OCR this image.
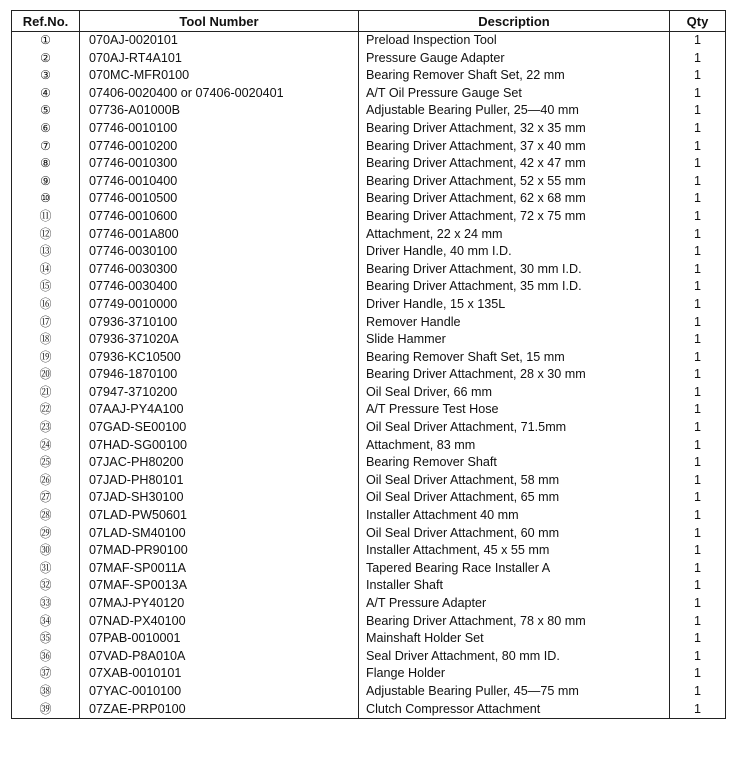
Ref.No.	Tool Number	Description	Qty
①	070AJ-0020101	Preload Inspection Tool	1
②	070AJ-RT4A101	Pressure Gauge Adapter	1
③	070MC-MFR0100	Bearing Remover Shaft Set, 22 mm	1
④	07406-0020400 or 07406-0020401	A/T Oil Pressure Gauge Set	1
⑤	07736-A01000B	Adjustable Bearing Puller, 25—40 mm	1
⑥	07746-0010100	Bearing Driver Attachment, 32 x 35 mm	1
⑦	07746-0010200	Bearing Driver Attachment, 37 x 40 mm	1
⑧	07746-0010300	Bearing Driver Attachment, 42 x 47 mm	1
⑨	07746-0010400	Bearing Driver Attachment, 52 x 55 mm	1
⑩	07746-0010500	Bearing Driver Attachment, 62 x 68 mm	1
⑪	07746-0010600	Bearing Driver Attachment, 72 x 75 mm	1
⑫	07746-001A800	Attachment, 22 x 24 mm	1
⑬	07746-0030100	Driver Handle, 40 mm I.D.	1
⑭	07746-0030300	Bearing Driver Attachment, 30 mm I.D.	1
⑮	07746-0030400	Bearing Driver Attachment, 35 mm I.D.	1
⑯	07749-0010000	Driver Handle, 15 x 135L	1
⑰	07936-3710100	Remover Handle	1
⑱	07936-371020A	Slide Hammer	1
⑲	07936-KC10500	Bearing Remover Shaft Set, 15 mm	1
⑳	07946-1870100	Bearing Driver Attachment, 28 x 30 mm	1
㉑	07947-3710200	Oil Seal Driver, 66 mm	1
㉒	07AAJ-PY4A100	A/T Pressure Test Hose	1
㉓	07GAD-SE00100	Oil Seal Driver Attachment, 71.5mm	1
㉔	07HAD-SG00100	Attachment, 83 mm	1
㉕	07JAC-PH80200	Bearing Remover Shaft	1
㉖	07JAD-PH80101	Oil Seal Driver Attachment, 58 mm	1
㉗	07JAD-SH30100	Oil Seal Driver Attachment, 65 mm	1
㉘	07LAD-PW50601	Installer Attachment 40 mm	1
㉙	07LAD-SM40100	Oil Seal Driver Attachment, 60 mm	1
㉚	07MAD-PR90100	Installer Attachment, 45 x 55 mm	1
㉛	07MAF-SP0011A	Tapered Bearing Race Installer A	1
㉜	07MAF-SP0013A	Installer Shaft	1
㉝	07MAJ-PY40120	A/T Pressure Adapter	1
㉞	07NAD-PX40100	Bearing Driver Attachment, 78 x 80 mm	1
㉟	07PAB-0010001	Mainshaft Holder Set	1
㊱	07VAD-P8A010A	Seal Driver Attachment, 80 mm ID.	1
㊲	07XAB-0010101	Flange Holder	1
㊳	07YAC-0010100	Adjustable Bearing Puller, 45—75 mm	1
㊴	07ZAE-PRP0100	Clutch Compressor Attachment	1
